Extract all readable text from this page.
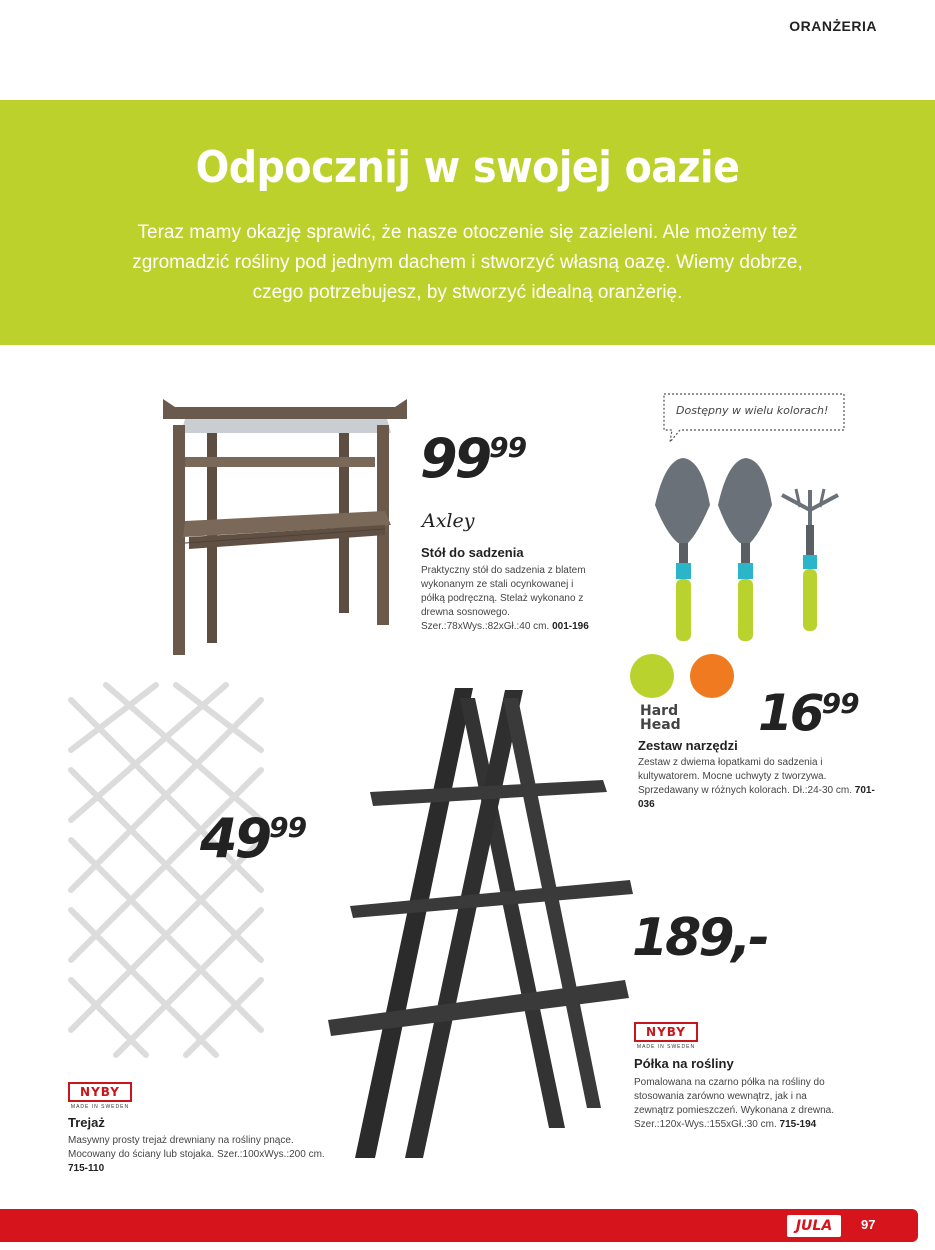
ORANŻERIA
Odpocznij w swojej oazie

Teraz mamy okazję sprawić, że nasze otoczenie się zazieleni. Ale możemy też zgromadzić rośliny pod jednym dachem i stworzyć własną oazę. Wiemy dobrze, czego potrzebujesz, by stworzyć idealną oranżerię.

9999
Axley
Stół do sadzenia
Praktyczny stół do sadzenia z blatem wykonanym ze stali ocynkowanej i półką podręczną. Stelaż wykonano z drewna sosnowego. Szer.:78xWys.:82xGł.:40 cm. 001-196
Dostępny w wielu kolorach!
Hard
Head 1699
Zestaw narzędzi
Zestaw z dwiema łopatkami do sadzenia i kultywatorem. Mocne uchwyty z tworzywa. Sprzedawany w różnych kolorach. Dł.:24-30 cm. 701-036
4999
NYBY
MADE IN SWEDEN
Trejaż
Masywny prosty trejaż drewniany na rośliny pnące. Mocowany do ściany lub stojaka. Szer.:100xWys.:200 cm. 715-110
189,-
NYBY
MADE IN SWEDEN
Półka na rośliny
Pomalowana na czarno półka na rośliny do stosowania zarówno wewnątrz, jak i na zewnątrz pomieszczeń. Wykonana z drewna. Szer.:120x-Wys.:155xGł.:30 cm. 715-194
JULA	97
